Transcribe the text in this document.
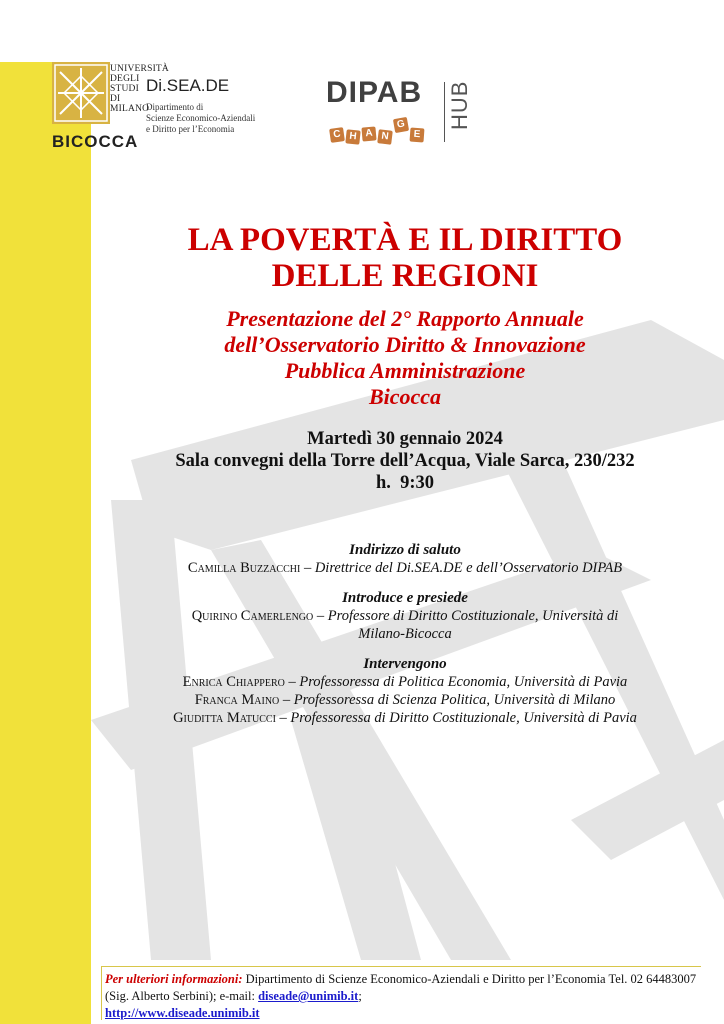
UNIVERSITÀ
DEGLI STUDI
DI MILANO
BICOCCA
Di.SEA.DE
Dipartimento di
Scienze Economico-Aziendali
e Diritto per l’Economia
DIPAB HUB
C H A N
G
E
LA POVERTÀ E IL DIRITTO
DELLE REGIONI
Presentazione del 2° Rapporto Annuale
dell’Osservatorio Diritto & Innovazione
Pubblica Amministrazione
Bicocca
Martedì 30 gennaio 2024
Sala convegni della Torre dell’Acqua, Viale Sarca, 230/232
h.  9:30
Indirizzo di saluto
Camilla Buzzacchi – Direttrice del Di.SEA.DE e dell’Osservatorio DIPAB
Introduce e presiede
Quirino Camerlengo – Professore di Diritto Costituzionale, Università di
Milano-Bicocca
Intervengono
Enrica Chiappero – Professoressa di Politica Economia, Università di Pavia
Franca Maino – Professoressa di Scienza Politica, Università di Milano
Giuditta Matucci – Professoressa di Diritto Costituzionale, Università di Pavia
Per ulteriori informazioni: Dipartimento di Scienze Economico-Aziendali e Diritto per l’Economia Tel. 02 64483007 (Sig. Alberto Serbini); e-mail: diseade@unimib.it;
http://www.diseade.unimib.it
